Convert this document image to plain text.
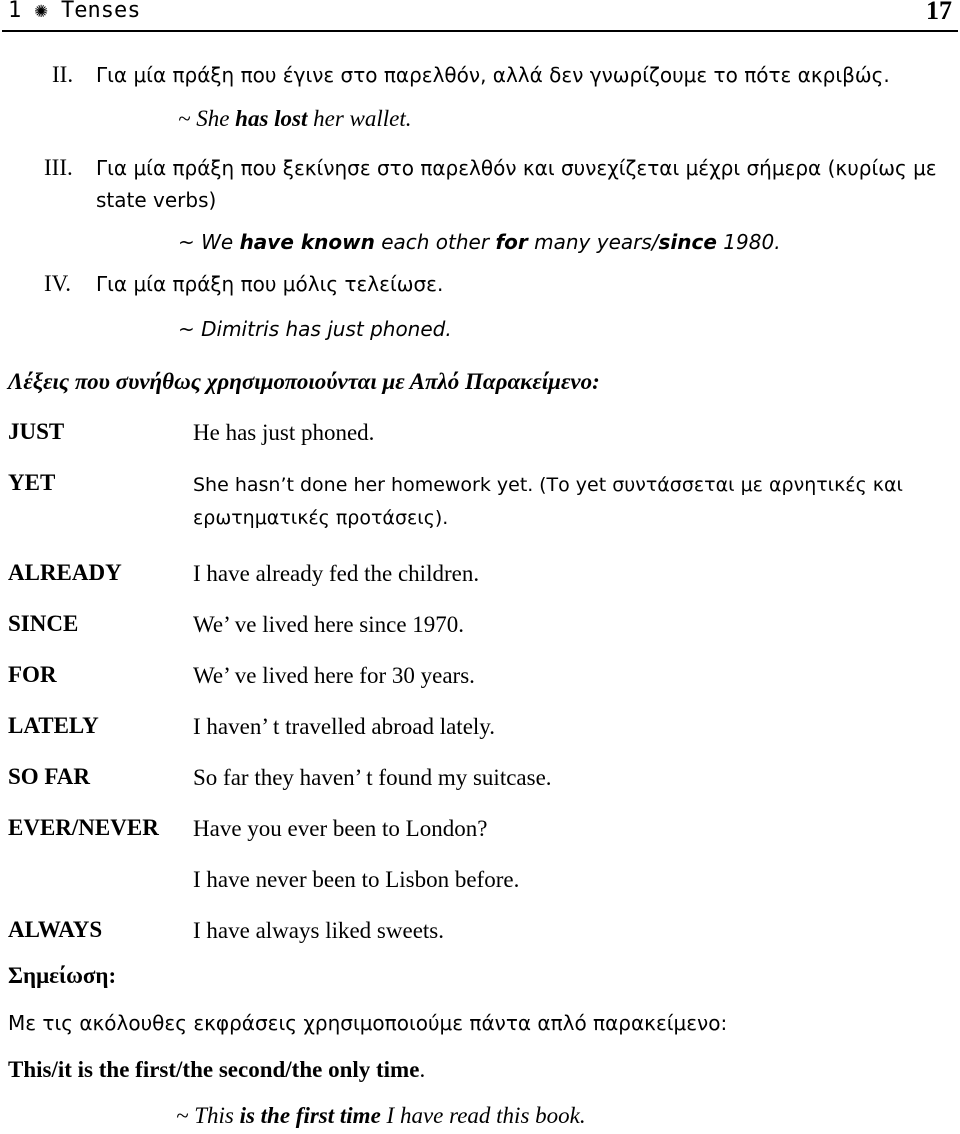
1 ✺ Tenses	17
II. Για μία πράξη που έγινε στο παρελθόν, αλλά δεν γνωρίζουμε το πότε ακριβώς.
~ She has lost her wallet.
III. Για μία πράξη που ξεκίνησε στο παρελθόν και συνεχίζεται μέχρι σήμερα (κυρίως με
state verbs)
~ We have known each other for many years/since 1980.
IV. Για μία πράξη που μόλις τελείωσε.
~ Dimitris has just phoned.
Λέξεις που συνήθως χρησιμοποιούνται με Απλό Παρακείμενο:
JUST	He has just phoned.
YET	She hasn’t done her homework yet. (Το yet συντάσσεται με αρνητικές και
ερωτηματικές προτάσεις).
ALREADY	I have already fed the children.
SINCE	We’ ve lived here since 1970.
FOR	We’ ve lived here for 30 years.
LATELY	I haven’ t travelled abroad lately.
SO FAR	So far they haven’ t found my suitcase.
EVER/NEVER Have you ever been to London?
I have never been to Lisbon before.
ALWAYS	I have always liked sweets.
Σημείωση:
Με τις ακόλουθες εκφράσεις χρησιμοποιούμε πάντα απλό παρακείμενο:
This/it is the first/the second/the only time.
~ This is the first time I have read this book.
